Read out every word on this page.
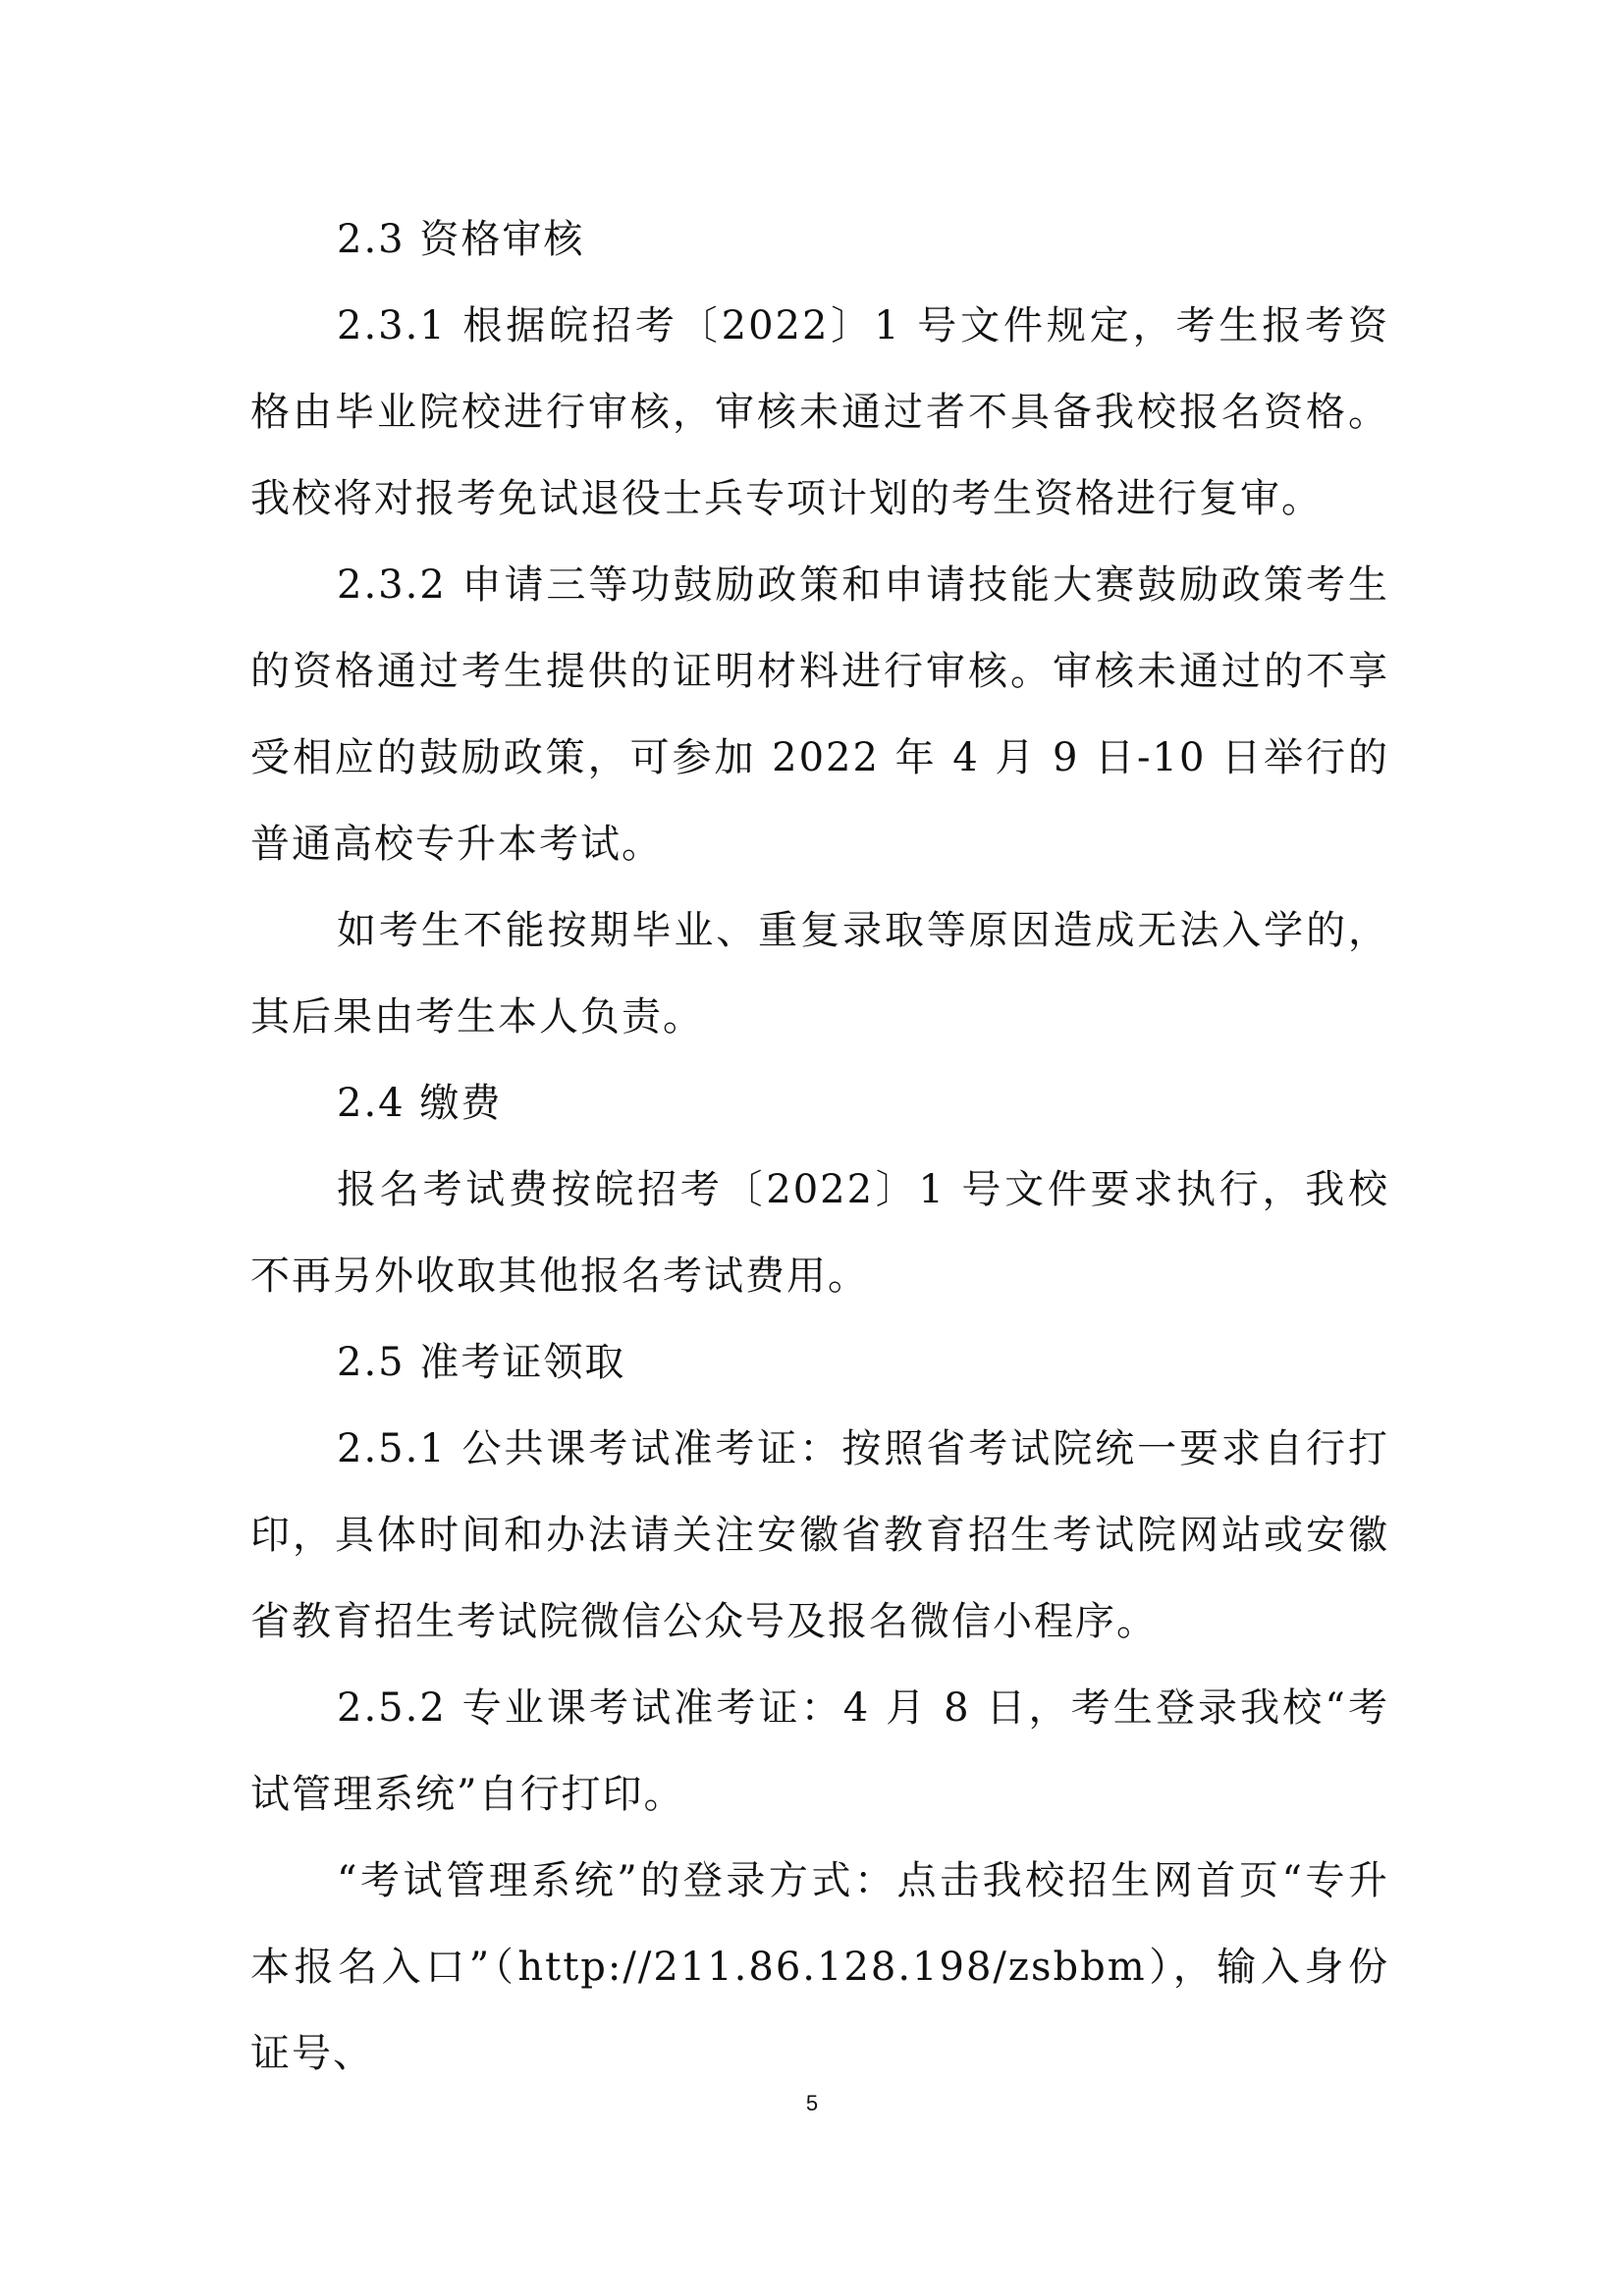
2.3 资格审核

2.3.1 根据皖招考〔2022〕1 号文件规定，考生报考资格由毕业院校进行审核，审核未通过者不具备我校报名资格。我校将对报考免试退役士兵专项计划的考生资格进行复审。

2.3.2 申请三等功鼓励政策和申请技能大赛鼓励政策考生的资格通过考生提供的证明材料进行审核。审核未通过的不享受相应的鼓励政策，可参加 2022 年 4 月 9 日-10 日举行的普通高校专升本考试。

如考生不能按期毕业、重复录取等原因造成无法入学的，其后果由考生本人负责。

2.4 缴费

报名考试费按皖招考〔2022〕1 号文件要求执行，我校不再另外收取其他报名考试费用。

2.5 准考证领取

2.5.1 公共课考试准考证：按照省考试院统一要求自行打印，具体时间和办法请关注安徽省教育招生考试院网站或安徽省教育招生考试院微信公众号及报名微信小程序。

2.5.2 专业课考试准考证：4 月 8 日，考生登录我校“考试管理系统”自行打印。

“考试管理系统”的登录方式：点击我校招生网首页“专升本报名入口”（http://211.86.128.198/zsbbm），输入身份证号、

5
